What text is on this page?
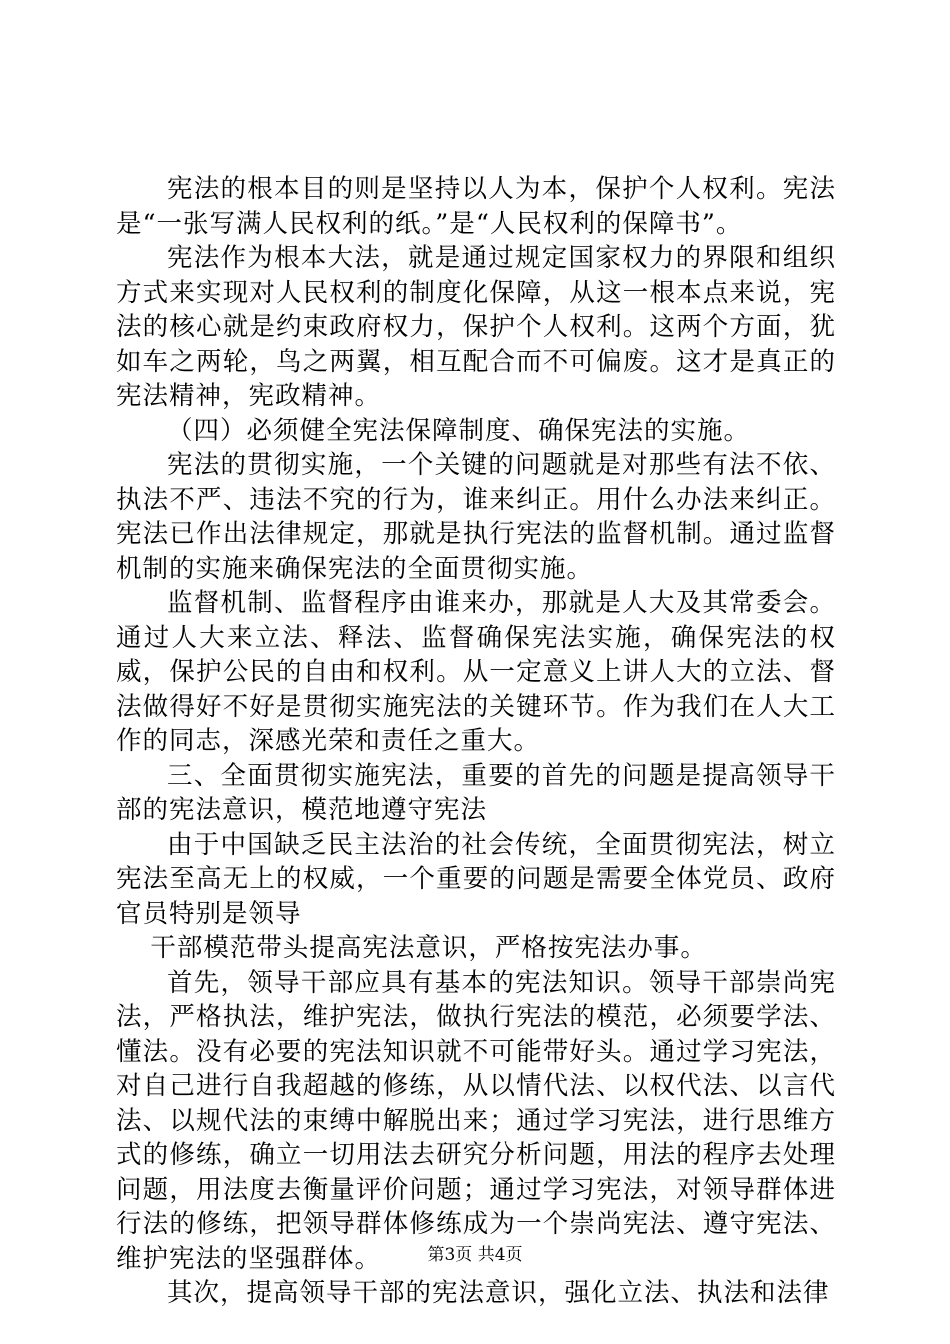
宪法的根本目的则是坚持以人为本，保护个人权利。宪法是“一张写满人民权利的纸。”是“人民权利的保障书”。

宪法作为根本大法，就是通过规定国家权力的界限和组织方式来实现对人民权利的制度化保障，从这一根本点来说，宪法的核心就是约束政府权力，保护个人权利。这两个方面，犹如车之两轮，鸟之两翼，相互配合而不可偏废。这才是真正的宪法精神，宪政精神。

（四）必须健全宪法保障制度、确保宪法的实施。

宪法的贯彻实施，一个关键的问题就是对那些有法不依、执法不严、违法不究的行为，谁来纠正。用什么办法来纠正。宪法已作出法律规定，那就是执行宪法的监督机制。通过监督机制的实施来确保宪法的全面贯彻实施。

监督机制、监督程序由谁来办，那就是人大及其常委会。通过人大来立法、释法、监督确保宪法实施，确保宪法的权威，保护公民的自由和权利。从一定意义上讲人大的立法、督法做得好不好是贯彻实施宪法的关键环节。作为我们在人大工作的同志，深感光荣和责任之重大。

三、全面贯彻实施宪法，重要的首先的问题是提高领导干部的宪法意识，模范地遵守宪法

由于中国缺乏民主法治的社会传统，全面贯彻宪法，树立宪法至高无上的权威，一个重要的问题是需要全体党员、政府官员特别是领导

干部模范带头提高宪法意识，严格按宪法办事。

首先，领导干部应具有基本的宪法知识。领导干部崇尚宪法，严格执法，维护宪法，做执行宪法的模范，必须要学法、懂法。没有必要的宪法知识就不可能带好头。通过学习宪法，对自己进行自我超越的修练，从以情代法、以权代法、以言代法、以规代法的束缚中解脱出来；通过学习宪法，进行思维方式的修练，确立一切用法去研究分析问题，用法的程序去处理问题，用法度去衡量评价问题；通过学习宪法，对领导群体进行法的修练，把领导群体修练成为一个崇尚宪法、遵守宪法、维护宪法的坚强群体。

其次，提高领导干部的宪法意识，强化立法、执法和法律

第3页 共4页
